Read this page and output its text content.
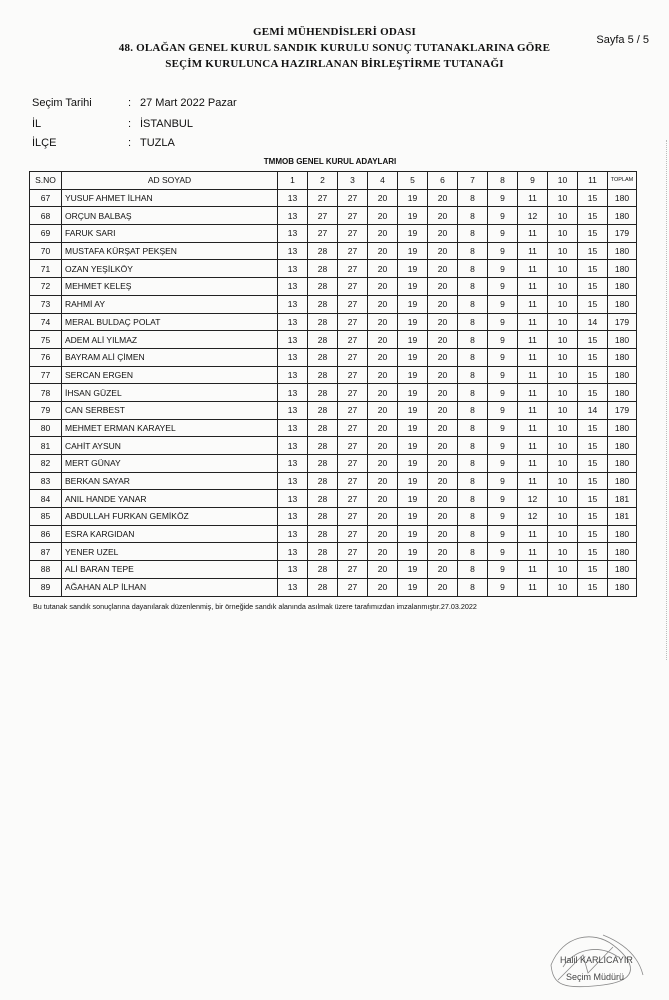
GEMİ MÜHENDİSLERİ ODASI
48. OLAĞAN GENEL KURUL SANDIK KURULU SONUÇ TUTANAKLARINA GÖRE
SEÇİM KURULUNCA HAZIRLANAN BİRLEŞTİRME TUTANAĞI
Sayfa 5 / 5
Seçim Tarihi	: 27 Mart 2022 Pazar
İL	: İSTANBUL
İLÇE	: TUZLA
TMMOB GENEL KURUL ADAYLARI
S.NO	AD SOYAD	1	2	3	4	5	6	7	8	9	10	11	TOPLAM
67	YUSUF AHMET İLHAN	13	27	27	20	19	20	8	9	11	10	15	180
68	ORÇUN BALBAŞ	13	27	27	20	19	20	8	9	12	10	15	180
69	FARUK SARI	13	27	27	20	19	20	8	9	11	10	15	179
70	MUSTAFA KÜRŞAT PEKŞEN	13	28	27	20	19	20	8	9	11	10	15	180
71	OZAN YEŞİLKÖY	13	28	27	20	19	20	8	9	11	10	15	180
72	MEHMET KELEŞ	13	28	27	20	19	20	8	9	11	10	15	180
73	RAHMİ AY	13	28	27	20	19	20	8	9	11	10	15	180
74	MERAL BULDAÇ POLAT	13	28	27	20	19	20	8	9	11	10	14	179
75	ADEM ALİ YILMAZ	13	28	27	20	19	20	8	9	11	10	15	180
76	BAYRAM ALİ ÇİMEN	13	28	27	20	19	20	8	9	11	10	15	180
77	SERCAN ERGEN	13	28	27	20	19	20	8	9	11	10	15	180
78	İHSAN GÜZEL	13	28	27	20	19	20	8	9	11	10	15	180
79	CAN SERBEST	13	28	27	20	19	20	8	9	11	10	14	179
80	MEHMET ERMAN KARAYEL	13	28	27	20	19	20	8	9	11	10	15	180
81	CAHİT AYSUN	13	28	27	20	19	20	8	9	11	10	15	180
82	MERT GÜNAY	13	28	27	20	19	20	8	9	11	10	15	180
83	BERKAN SAYAR	13	28	27	20	19	20	8	9	11	10	15	180
84	ANIL HANDE YANAR	13	28	27	20	19	20	8	9	12	10	15	181
85	ABDULLAH FURKAN GEMİKÖZ	13	28	27	20	19	20	8	9	12	10	15	181
86	ESRA KARGIDAN	13	28	27	20	19	20	8	9	11	10	15	180
87	YENER UZEL	13	28	27	20	19	20	8	9	11	10	15	180
88	ALİ BARAN TEPE	13	28	27	20	19	20	8	9	11	10	15	180
89	AĞAHAN ALP İLHAN	13	28	27	20	19	20	8	9	11	10	15	180
Bu tutanak sandık sonuçlarına dayanılarak düzenlenmiş, bir örneğide sandık alanında asılmak üzere tarafımızdan imzalanmıştır.27.03.2022
Halil KARLICAYIR
Seçim Müdürü
